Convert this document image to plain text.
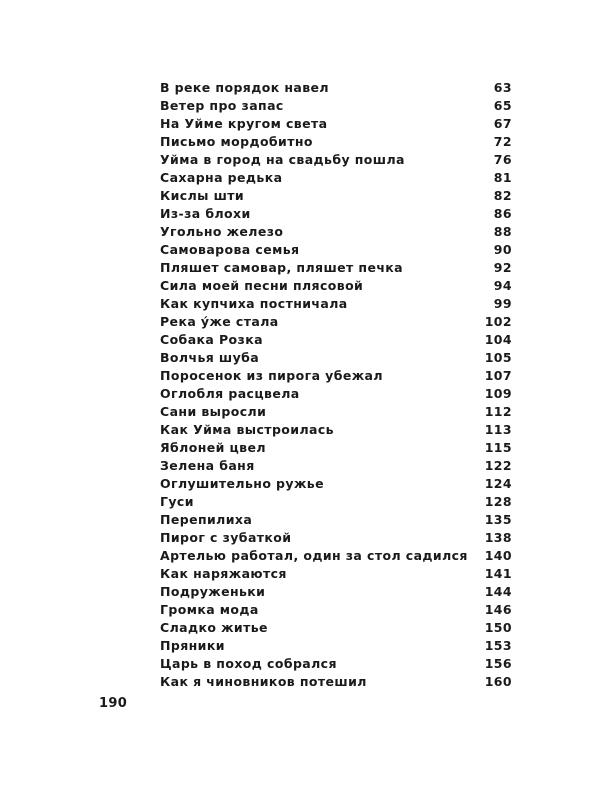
В реке порядок навел	63
Ветер про запас	65
На Уйме кругом света	67
Письмо мордобитно	72
Уйма в город на свадьбу пошла	76
Сахарна редька	81
Кислы шти	82
Из-за блохи	86
Угольно железо	88
Самоварова семья	90
Пляшет самовар, пляшет печка	92
Сила моей песни плясовой	94
Как купчиха постничала	99
Река у́же стала	102
Собака Розка	104
Волчья шуба	105
Поросенок из пирога убежал	107
Оглобля расцвела	109
Сани выросли	112
Как Уйма выстроилась	113
Яблоней цвел	115
Зелена баня	122
Оглушительно ружье	124
Гуси	128
Перепилиха	135
Пирог с зубаткой	138
Артелью работал, один за стол садился	140
Как наряжаются	141
Подруженьки	144
Громка мода	146
Сладко житье	150
Пряники	153
Царь в поход собрался	156
Как я чиновников потешил	160
190
